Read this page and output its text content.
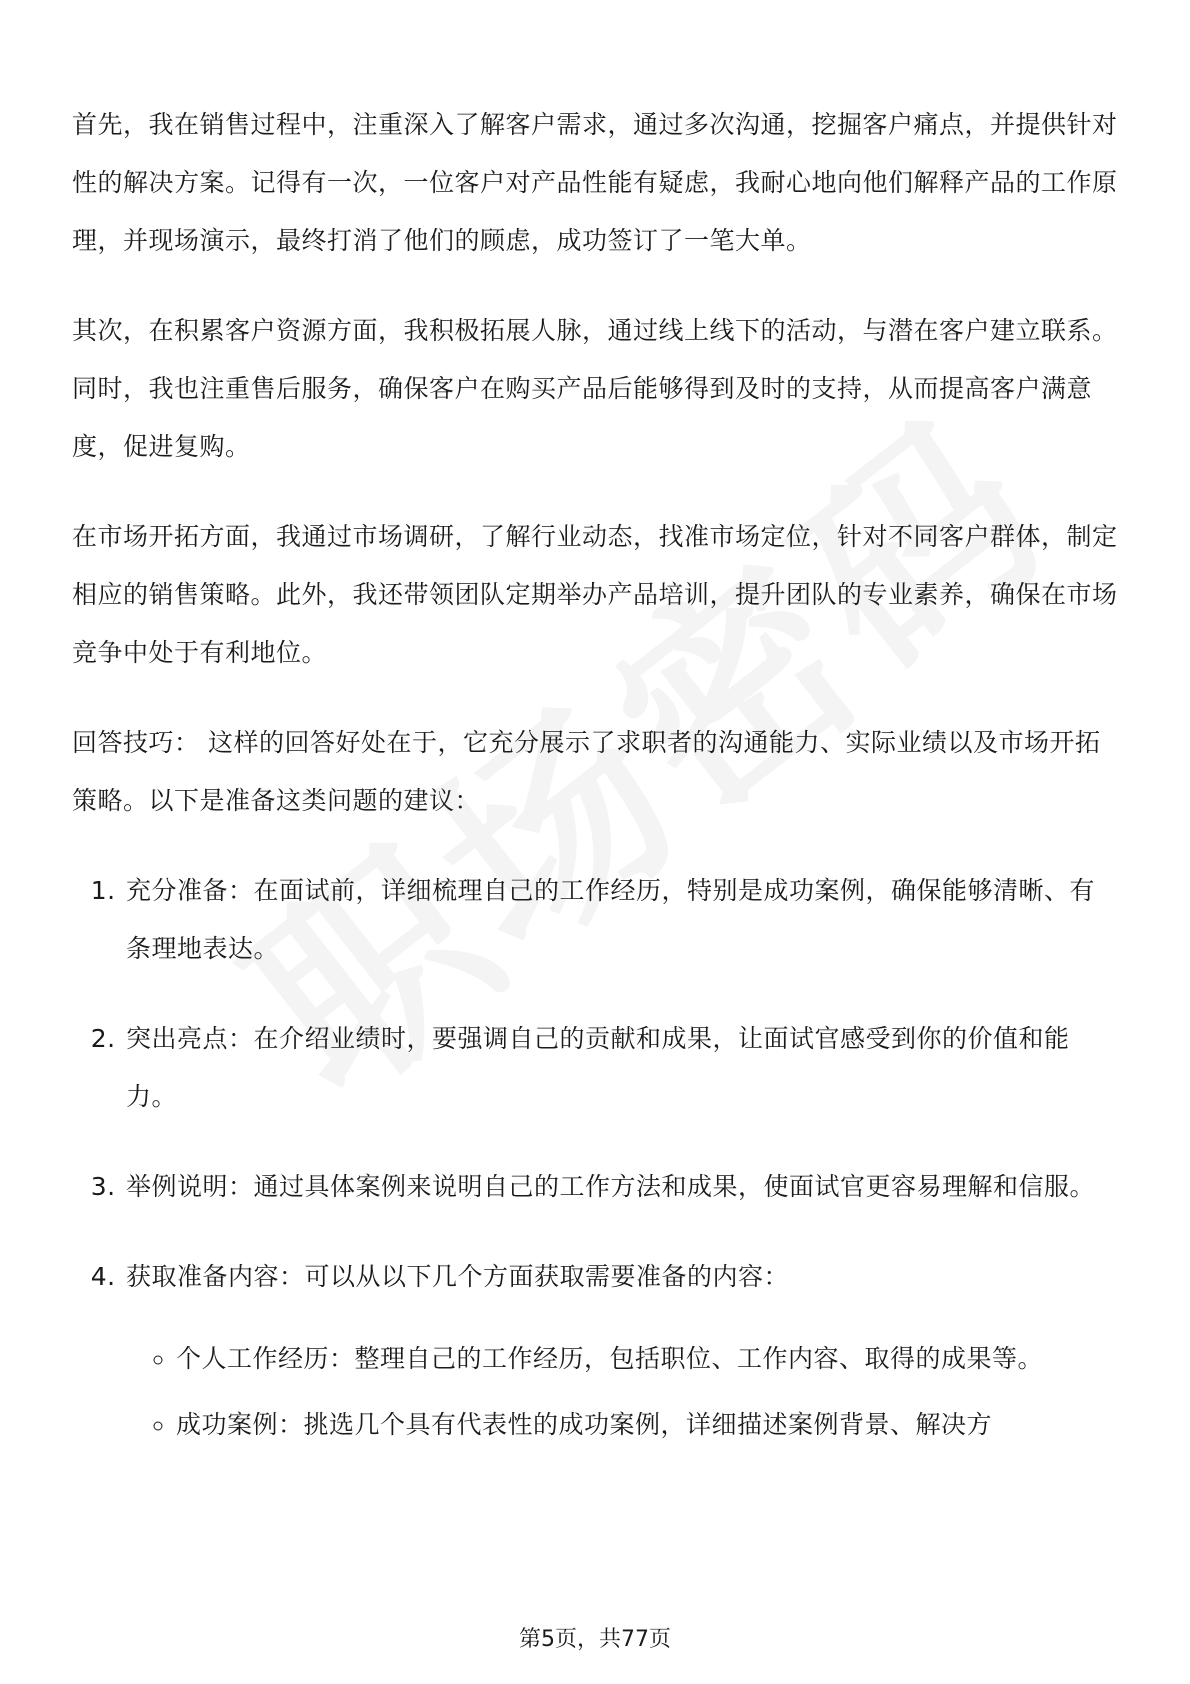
首先，我在销售过程中，注重深入了解客户需求，通过多次沟通，挖掘客户痛点，并提供针对性的解决方案。记得有一次，一位客户对产品性能有疑虑，我耐心地向他们解释产品的工作原理，并现场演示，最终打消了他们的顾虑，成功签订了一笔大单。

其次，在积累客户资源方面，我积极拓展人脉，通过线上线下的活动，与潜在客户建立联系。同时，我也注重售后服务，确保客户在购买产品后能够得到及时的支持，从而提高客户满意度，促进复购。

在市场开拓方面，我通过市场调研，了解行业动态，找准市场定位，针对不同客户群体，制定相应的销售策略。此外，我还带领团队定期举办产品培训，提升团队的专业素养，确保在市场竞争中处于有利地位。

回答技巧： 这样的回答好处在于，它充分展示了求职者的沟通能力、实际业绩以及市场开拓策略。以下是准备这类问题的建议：

1. 充分准备：在面试前，详细梳理自己的工作经历，特别是成功案例，确保能够清晰、有条理地表达。
2. 突出亮点：在介绍业绩时，要强调自己的贡献和成果，让面试官感受到你的价值和能力。
3. 举例说明：通过具体案例来说明自己的工作方法和成果，使面试官更容易理解和信服。
4. 获取准备内容：可以从以下几个方面获取需要准备的内容：
◦ 个人工作经历：整理自己的工作经历，包括职位、工作内容、取得的成果等。
◦ 成功案例：挑选几个具有代表性的成功案例，详细描述案例背景、解决方
第5页，共77页
